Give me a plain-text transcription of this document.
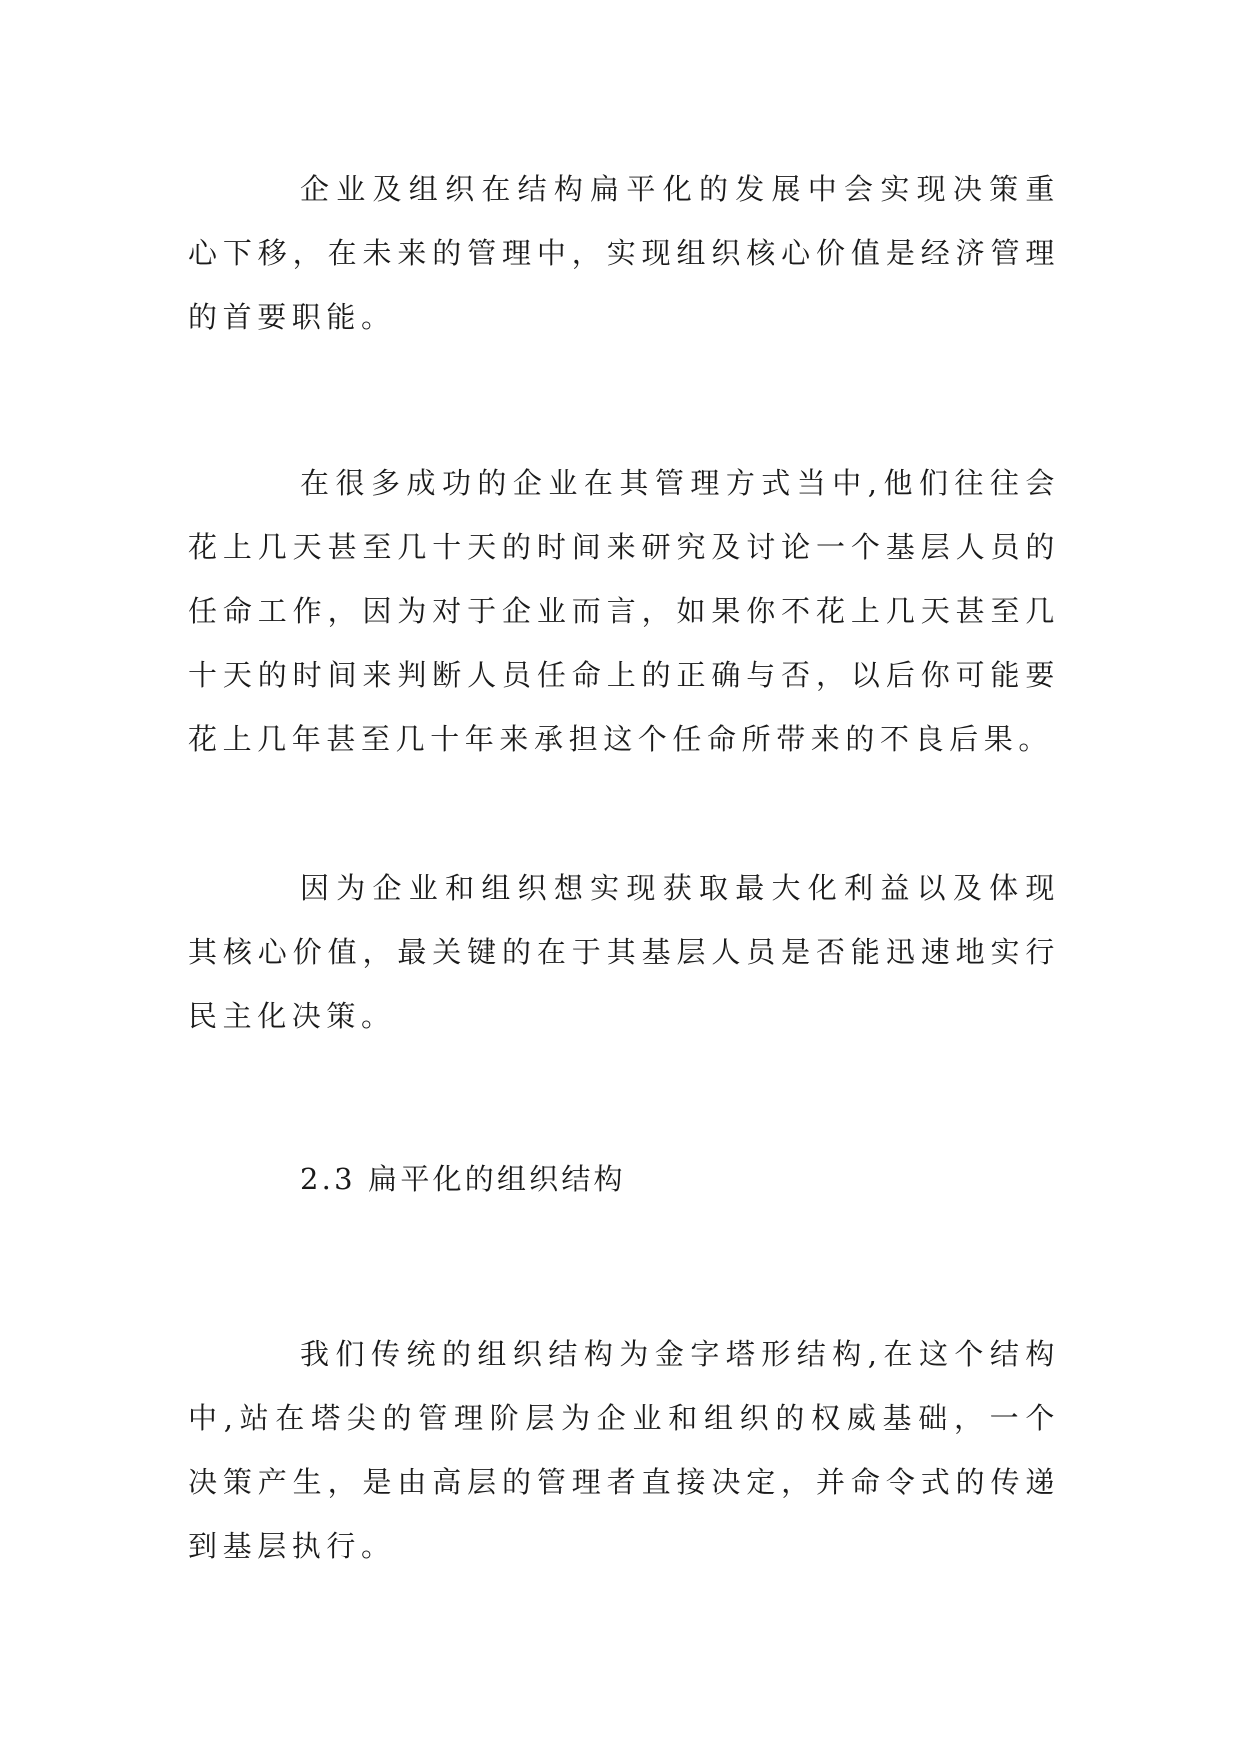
企业及组织在结构扁平化的发展中会实现决策重心下移，在未来的管理中，实现组织核心价值是经济管理的首要职能。

在很多成功的企业在其管理方式当中,他们往往会花上几天甚至几十天的时间来研究及讨论一个基层人员的任命工作，因为对于企业而言，如果你不花上几天甚至几十天的时间来判断人员任命上的正确与否，以后你可能要花上几年甚至几十年来承担这个任命所带来的不良后果。

因为企业和组织想实现获取最大化利益以及体现其核心价值，最关键的在于其基层人员是否能迅速地实行民主化决策。

2.3 扁平化的组织结构

我们传统的组织结构为金字塔形结构,在这个结构中,站在塔尖的管理阶层为企业和组织的权威基础，一个决策产生，是由高层的管理者直接决定，并命令式的传递到基层执行。
